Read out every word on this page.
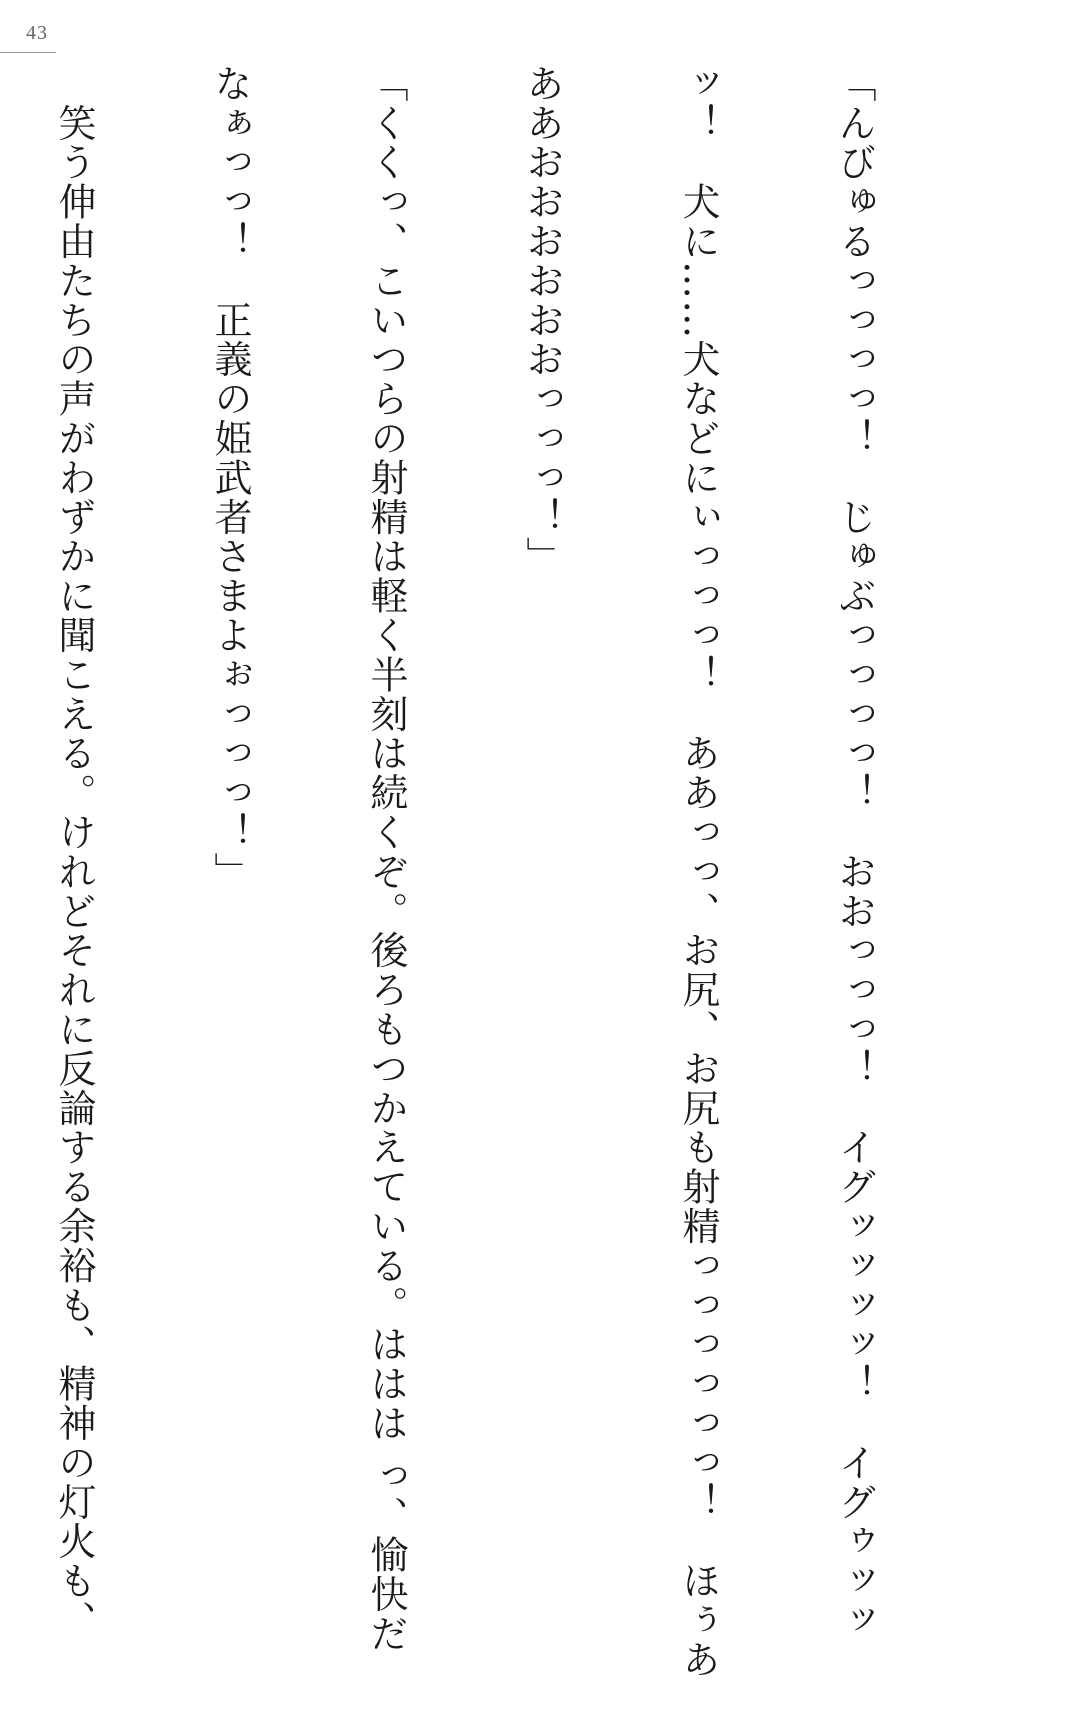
43

「んびゅるっっっっ！　じゅぶっっっっ！　おおっっっ！　イグッッッッ！　イグゥッッ

ッ！　犬に……犬などにぃっっっ！　ああっっ、お尻、お尻も射精っっっっっっ！　ほぅあ

ああおおおおおおっっっ！」

「くくっ、こいつらの射精は軽く半刻は続くぞ。後ろもつかえている。ははは っ、愉快だ

なぁっっ！　正義の姫武者さまよぉっっっ！」

　笑う伸由たちの声がわずかに聞こえる。けれどそれに反論する余裕も、精神の灯火も、
